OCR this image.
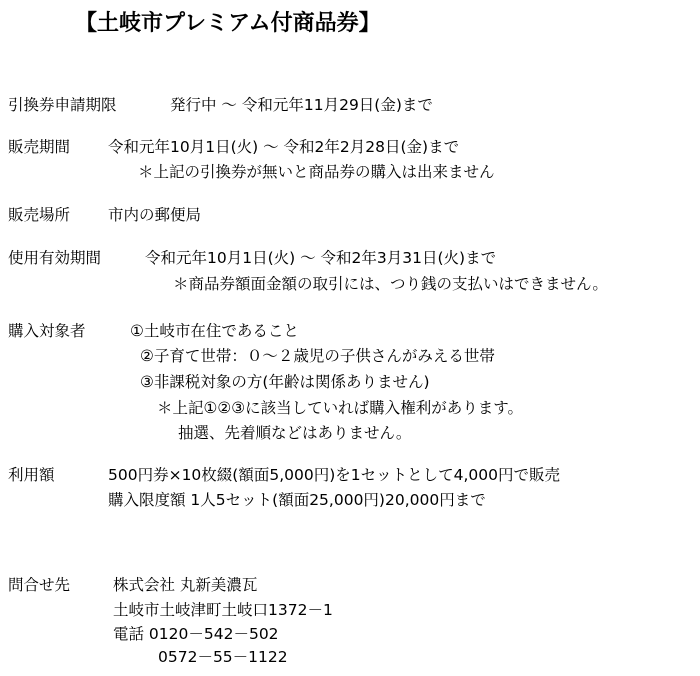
【土岐市プレミアム付商品券】
引換券申請期限	発行中 ～ 令和元年11月29日(金)まで
販売期間 令和元年10月1日(火) ～ 令和2年2月28日(金)まで
＊上記の引換券が無いと商品券の購入は出来ません
販売場所 市内の郵便局
使用有効期間	令和元年10月1日(火) ～ 令和2年3月31日(火)まで
＊商品券額面金額の取引には、つり銭の支払いはできません。
購入対象者	①土岐市在住であること
②子育て世帯：０～２歳児の子供さんがみえる世帯
③非課税対象の方(年齢は関係ありません)
＊上記①②③に該当していれば購入権利があります。
抽選、先着順などはありません。
利用額	500円券×10枚綴(額面5,000円)を1セットとして4,000円で販売
購入限度額 1人5セット(額面25,000円)20,000円まで
問合せ先	株式会社 丸新美濃瓦
土岐市土岐津町土岐口1372－1
電話 0120－542－502
0572－55－1122
